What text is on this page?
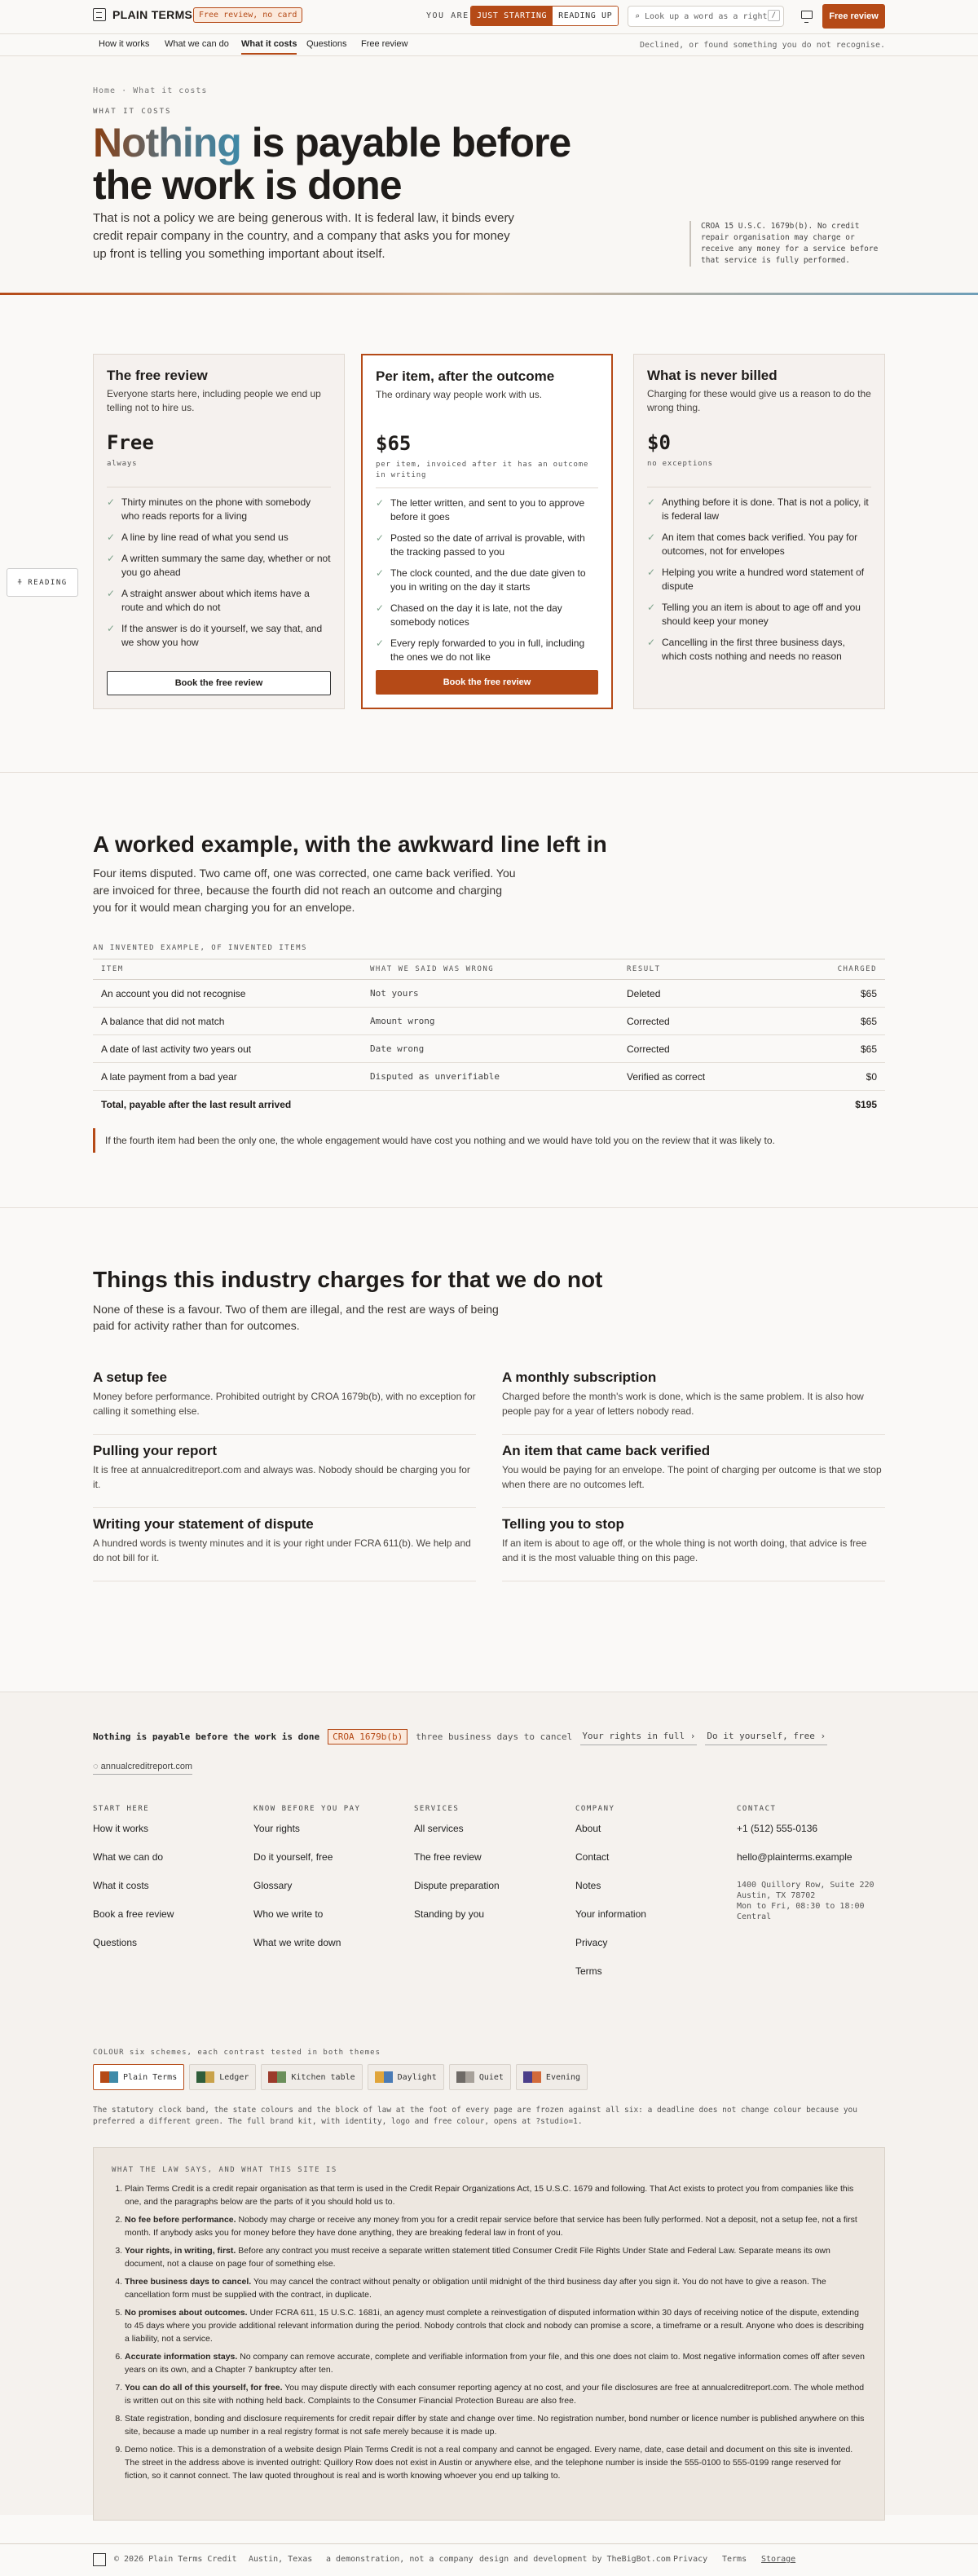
PLAIN TERMS Free review, no card	YOU ARE JUST STARTING	READING UP	⌕ Look up a word as a right /	Free review
How it works What we can do What it costs Questions Free review	Declined, or found something you do not recognise.
Home · What it costs
WHAT IT COSTS
Nothing is payable before the work is done

That is not a policy we are being generous with. It is federal law, it binds every credit repair company in the country, and a company that asks you for money up front is telling you something important about itself.

CROA 15 U.S.C. 1679b(b). No credit repair organisation may charge or receive any money for a service before that service is fully performed.
The free review

Everyone starts here, including people we end up telling not to hire us.

Free
always
✓ Thirty minutes on the phone with somebody who reads reports for a living
✓ A line by line read of what you send us
✓ A written summary the same day, whether or not you go ahead
✓ A straight answer about which items have a route and which do not
✓ If the answer is do it yourself, we say that, and we show you how
Book the free review
Per item, after the outcome

The ordinary way people work with us.

$65
per item, invoiced after it has an outcome in writing
✓ The letter written, and sent to you to approve before it goes
✓ Posted so the date of arrival is provable, with the tracking passed to you
✓ The clock counted, and the due date given to you in writing on the day it starts
✓ Chased on the day it is late, not the day somebody notices
✓ Every reply forwarded to you in full, including the ones we do not like
Book the free review
What is never billed

Charging for these would give us a reason to do the wrong thing.

$0
no exceptions
✓ Anything before it is done. That is not a policy, it is federal law
✓ An item that comes back verified. You pay for outcomes, not for envelopes
✓ Helping you write a hundred word statement of dispute
✓ Telling you an item is about to age off and you should keep your money
✓ Cancelling in the first three business days, which costs nothing and needs no reason
⍏ READING
A worked example, with the awkward line left in

Four items disputed. Two came off, one was corrected, one came back verified. You are invoiced for three, because the fourth did not reach an outcome and charging you for it would mean charging you for an envelope.

AN INVENTED EXAMPLE, OF INVENTED ITEMS
ITEM	WHAT WE SAID WAS WRONG	RESULT	CHARGED
An account you did not recognise	Not yours	Deleted	$65
A balance that did not match	Amount wrong	Corrected	$65
A date of last activity two years out	Date wrong	Corrected	$65
A late payment from a bad year	Disputed as unverifiable	Verified as correct	$0
Total, payable after the last result arrived			$195
If the fourth item had been the only one, the whole engagement would have cost you nothing and we would have told you on the review that it was likely to.
Things this industry charges for that we do not

None of these is a favour. Two of them are illegal, and the rest are ways of being paid for activity rather than for outcomes.

A setup fee

Money before performance. Prohibited outright by CROA 1679b(b), with no exception for calling it something else.

A monthly subscription

Charged before the month's work is done, which is the same problem. It is also how people pay for a year of letters nobody read.

Pulling your report

It is free at annualcreditreport.com and always was. Nobody should be charging you for it.

An item that came back verified

You would be paying for an envelope. The point of charging per outcome is that we stop when there are no outcomes left.

Writing your statement of dispute

A hundred words is twenty minutes and it is your right under FCRA 611(b). We help and do not bill for it.

Telling you to stop

If an item is about to age off, or the whole thing is not worth doing, that advice is free and it is the most valuable thing on this page.

Nothing is payable before the work is done	CROA 1679b(b)	three business days to cancel Your rights in full › Do it yourself, free ›
◌ annualcreditreport.com
START HERE
How it works
What we can do
What it costs
Book a free review
Questions
KNOW BEFORE YOU PAY
Your rights
Do it yourself, free
Glossary
Who we write to
What we write down
SERVICES
All services
The free review
Dispute preparation
Standing by you
COMPANY
About
Contact
Notes
Your information
Privacy
Terms
CONTACT
+1 (512) 555-0136
hello@plainterms.example
1400 Quillory Row, Suite 220
Austin, TX 78702
Mon to Fri, 08:30 to 18:00 Central
COLOUR six schemes, each contrast tested in both themes
Plain Terms	Ledger	Kitchen table	Daylight	Quiet	Evening
The statutory clock band, the state colours and the block of law at the foot of every page are frozen against all six: a deadline does not change colour because you preferred a different green. The full brand kit, with identity, logo and free colour, opens at ?studio=1.
WHAT THE LAW SAYS, AND WHAT THIS SITE IS
1. Plain Terms Credit is a credit repair organisation as that term is used in the Credit Repair Organizations Act, 15 U.S.C. 1679 and following. That Act exists to protect you from companies like this one, and the paragraphs below are the parts of it you should hold us to.
2. No fee before performance. Nobody may charge or receive any money from you for a credit repair service before that service has been fully performed. Not a deposit, not a setup fee, not a first month. If anybody asks you for money before they have done anything, they are breaking federal law in front of you.
3. Your rights, in writing, first. Before any contract you must receive a separate written statement titled Consumer Credit File Rights Under State and Federal Law. Separate means its own document, not a clause on page four of something else.
4. Three business days to cancel. You may cancel the contract without penalty or obligation until midnight of the third business day after you sign it. You do not have to give a reason. The cancellation form must be supplied with the contract, in duplicate.
5. No promises about outcomes. Under FCRA 611, 15 U.S.C. 1681i, an agency must complete a reinvestigation of disputed information within 30 days of receiving notice of the dispute, extending to 45 days where you provide additional relevant information during the period. Nobody controls that clock and nobody can promise a score, a timeframe or a result. Anyone who does is describing a liability, not a service.
6. Accurate information stays. No company can remove accurate, complete and verifiable information from your file, and this one does not claim to. Most negative information comes off after seven years on its own, and a Chapter 7 bankruptcy after ten.
7. You can do all of this yourself, for free. You may dispute directly with each consumer reporting agency at no cost, and your file disclosures are free at annualcreditreport.com. The whole method is written out on this site with nothing held back. Complaints to the Consumer Financial Protection Bureau are also free.
8. State registration, bonding and disclosure requirements for credit repair differ by state and change over time. No registration number, bond number or licence number is published anywhere on this site, because a made up number in a real registry format is not safe merely because it is made up.
9. Demo notice. This is a demonstration of a website design Plain Terms Credit is not a real company and cannot be engaged. Every name, date, case detail and document on this site is invented. The street in the address above is invented outright: Quillory Row does not exist in Austin or anywhere else, and the telephone number is inside the 555-0100 to 555-0199 range reserved for fiction, so it cannot connect. The law quoted throughout is real and is worth knowing whoever you end up talking to.
© 2026 Plain Terms Credit Austin, Texas a demonstration, not a company design and development by TheBigBot.com Privacy Terms Storage
